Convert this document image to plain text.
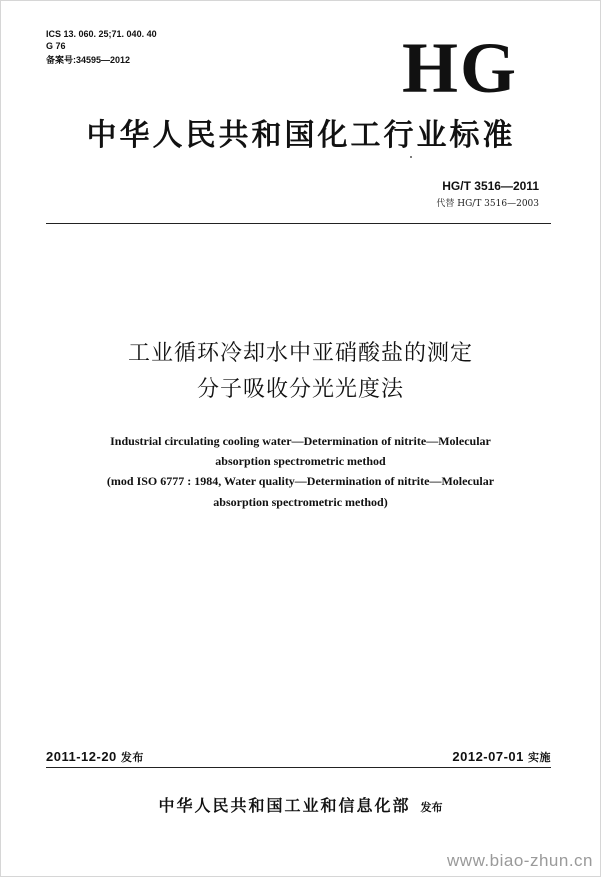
ICS 13. 060. 25;71. 040. 40
G 76
备案号:34595—2012	HG
中华人民共和国化工行业标准
HG/T 3516—2011
代替 HG/T 3516—2003
工业循环冷却水中亚硝酸盐的测定
分子吸收分光光度法
Industrial circulating cooling water—Determination of nitrite—Molecular
absorption spectrometric method
(mod ISO 6777 : 1984, Water quality—Determination of nitrite—Molecular
absorption spectrometric method)
2011-12-20 发布	2012-07-01 实施
中华人民共和国工业和信息化部 发布
www.biao-zhun.cn
